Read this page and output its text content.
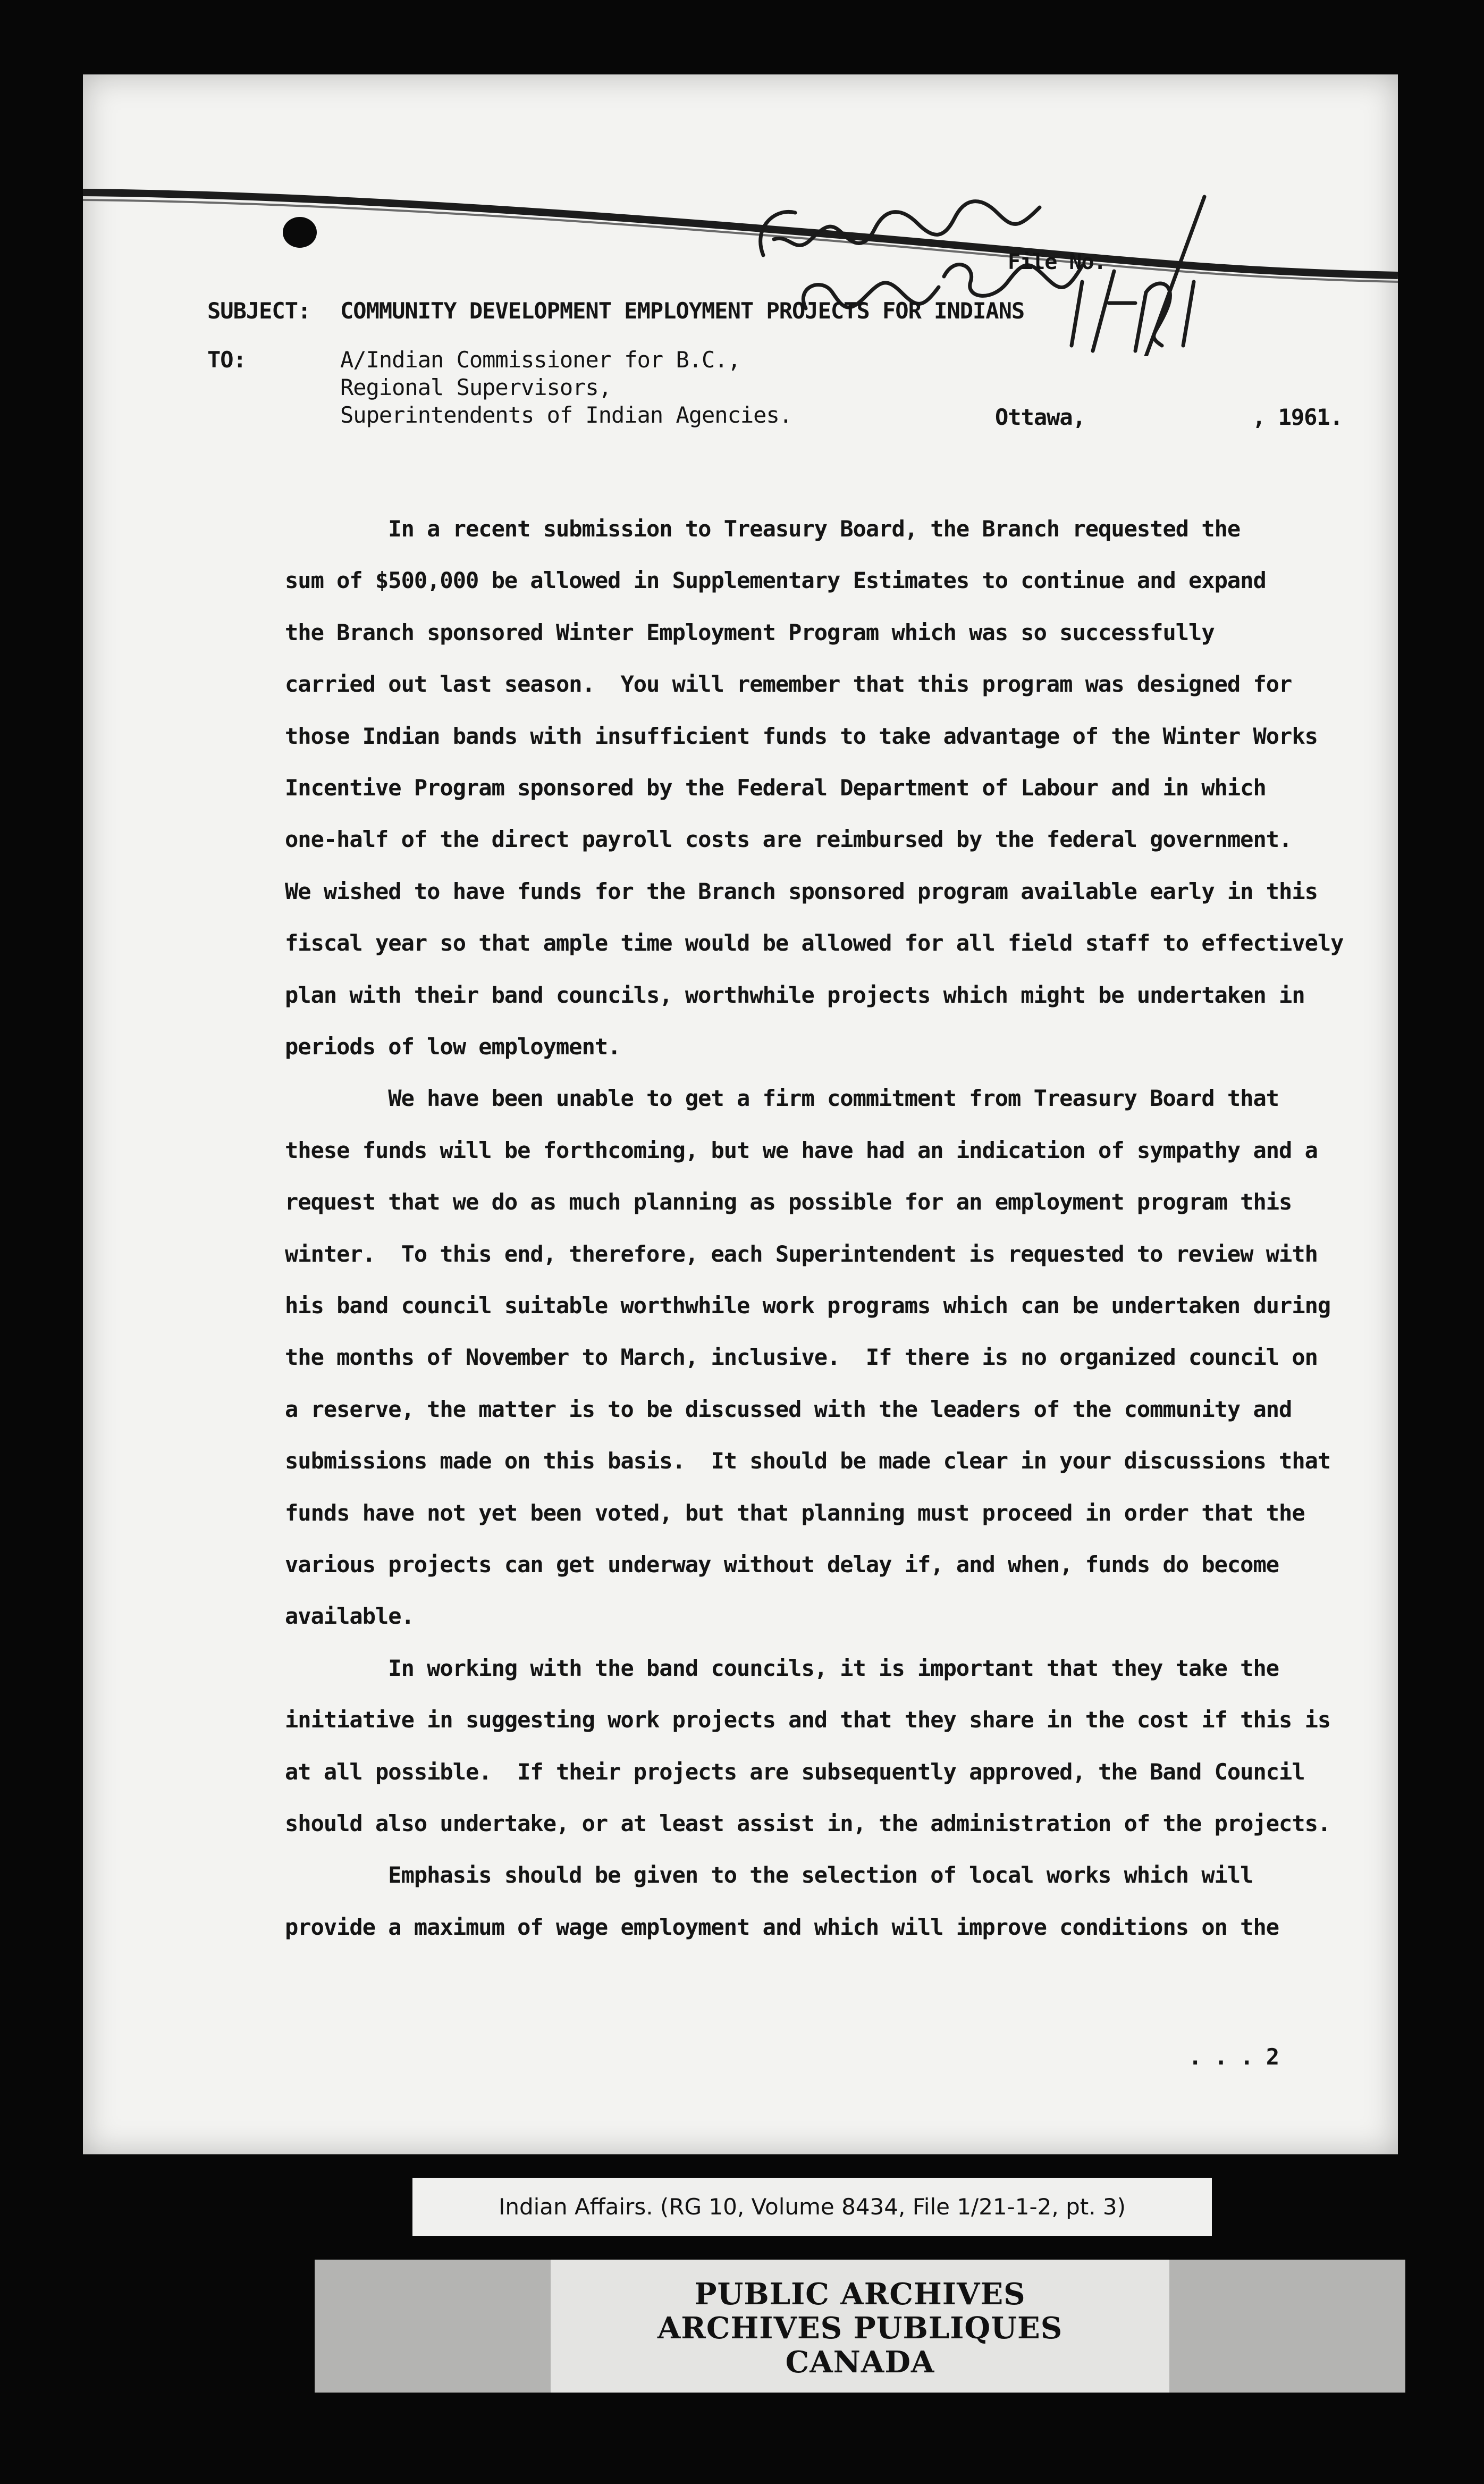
File No.
SUBJECT: COMMUNITY DEVELOPMENT EMPLOYMENT PROJECTS FOR INDIANS
TO:	A/Indian Commissioner for B.C.,
Regional Supervisors,
Superintendents of Indian Agencies.	Ottawa,	, 1961.
In a recent submission to Treasury Board, the Branch requested the
sum of $500,000 be allowed in Supplementary Estimates to continue and expand
the Branch sponsored Winter Employment Program which was so successfully
carried out last season.  You will remember that this program was designed for
those Indian bands with insufficient funds to take advantage of the Winter Works
Incentive Program sponsored by the Federal Department of Labour and in which
one-half of the direct payroll costs are reimbursed by the federal government.
We wished to have funds for the Branch sponsored program available early in this
fiscal year so that ample time would be allowed for all field staff to effectively
plan with their band councils, worthwhile projects which might be undertaken in
periods of low employment.
We have been unable to get a firm commitment from Treasury Board that
these funds will be forthcoming, but we have had an indication of sympathy and a
request that we do as much planning as possible for an employment program this
winter.  To this end, therefore, each Superintendent is requested to review with
his band council suitable worthwhile work programs which can be undertaken during
the months of November to March, inclusive.  If there is no organized council on
a reserve, the matter is to be discussed with the leaders of the community and
submissions made on this basis.  It should be made clear in your discussions that
funds have not yet been voted, but that planning must proceed in order that the
various projects can get underway without delay if, and when, funds do become
available.
In working with the band councils, it is important that they take the
initiative in suggesting work projects and that they share in the cost if this is
at all possible.  If their projects are subsequently approved, the Band Council
should also undertake, or at least assist in, the administration of the projects.
Emphasis should be given to the selection of local works which will
provide a maximum of wage employment and which will improve conditions on the
. . . 2
Indian Affairs. (RG 10, Volume 8434, File 1/21-1-2, pt. 3)
PUBLIC ARCHIVES
ARCHIVES PUBLIQUES
CANADA
